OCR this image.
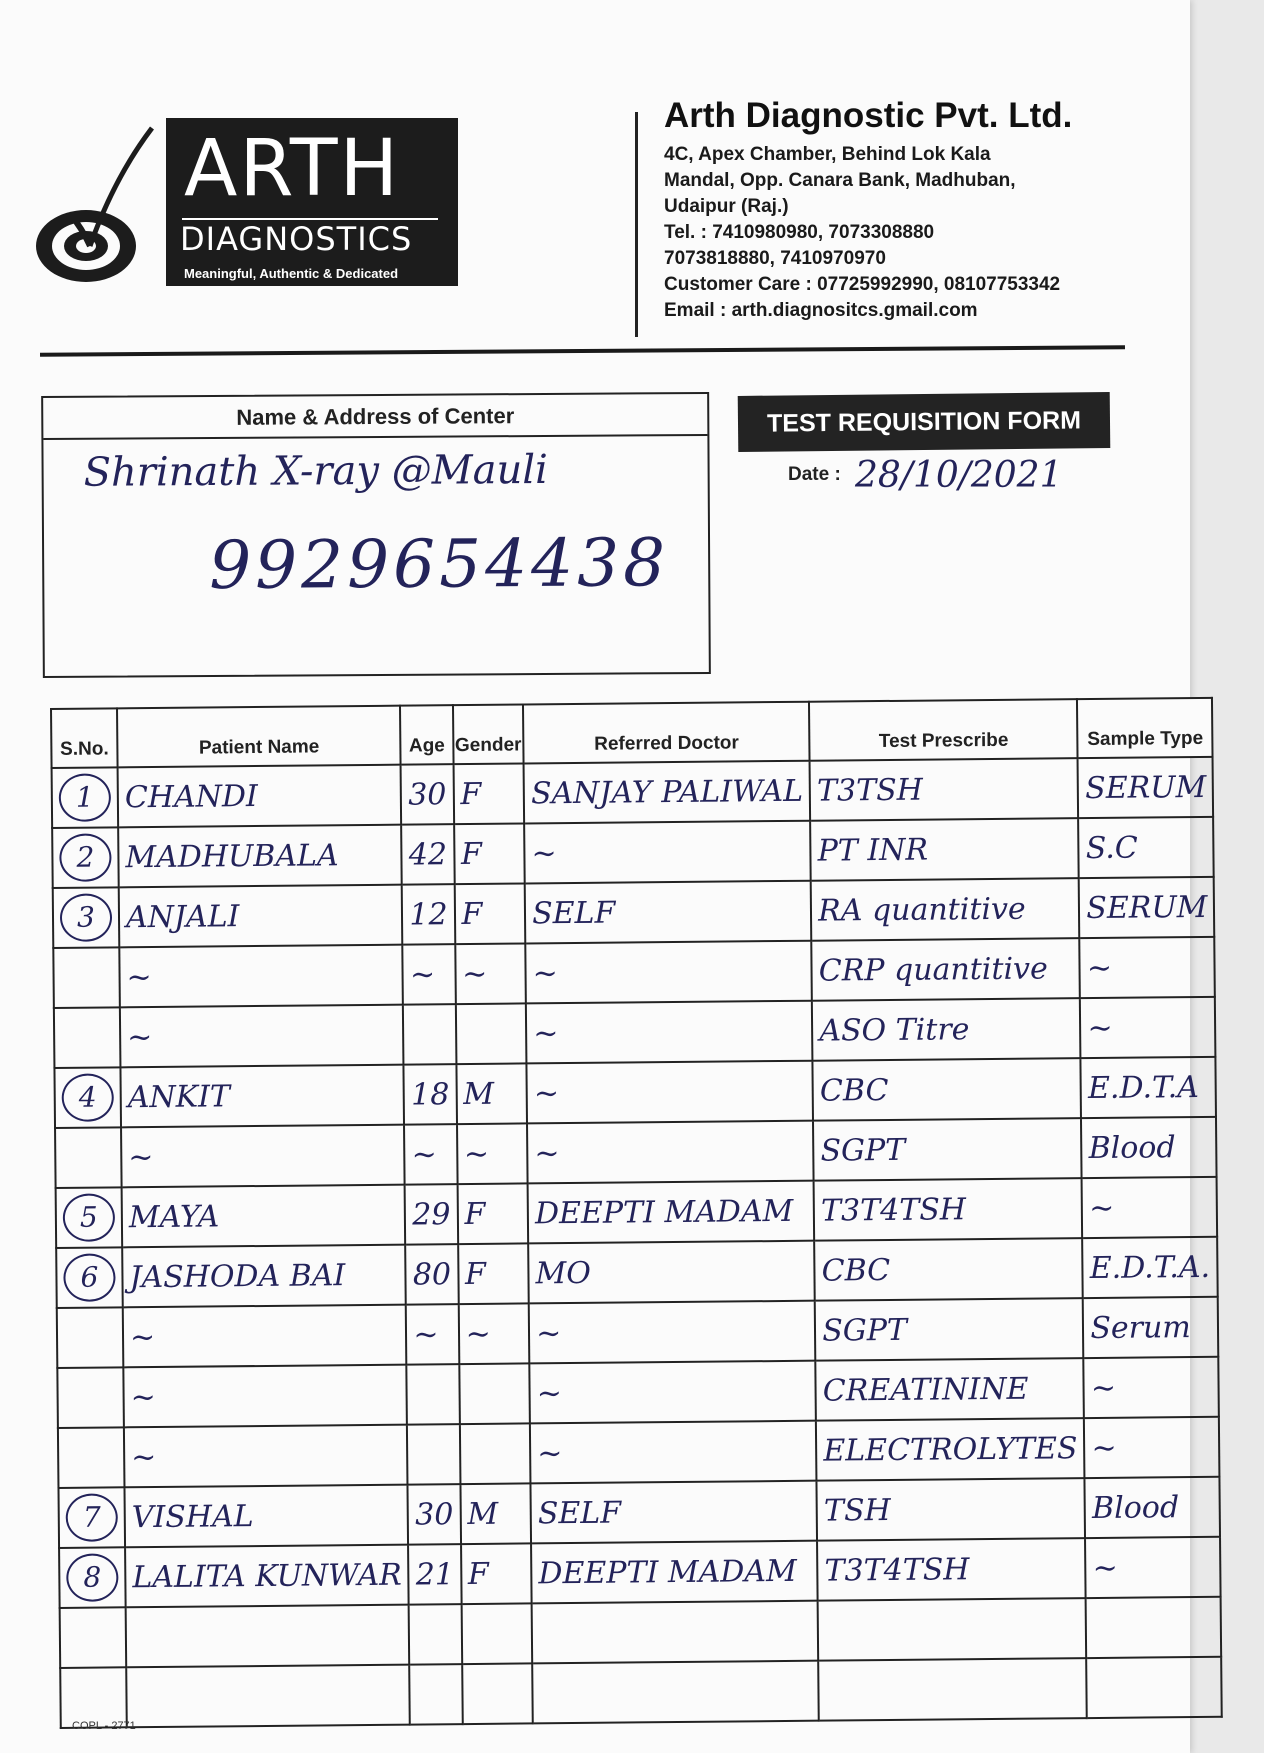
ARTH
DIAGNOSTICS
Meaningful, Authentic & Dedicated
Arth Diagnostic Pvt. Ltd.
4C, Apex Chamber, Behind Lok Kala
Mandal, Opp. Canara Bank, Madhuban,
Udaipur (Raj.)
Tel. : 7410980980, 7073308880
7073818880, 7410970970
Customer Care : 07725992990, 08107753342
Email : arth.diagnositcs.gmail.com
Name & Address of Center
Shrinath X-ray @Mauli
9929654438
TEST REQUISITION FORM
Date : 28/10/2021
S.No.	Patient Name	Age	Gender	Referred Doctor	Test Prescribe	Sample Type
1	CHANDI	30	F	SANJAY PALIWAL	T3TSH	SERUM
2	MADHUBALA	42	F	~	PT INR	S.C
3	ANJALI	12	F	SELF	RA quantitive	SERUM
	~	~	~	~	CRP quantitive	~
	~			~	ASO Titre	~
4	ANKIT	18	M	~	CBC	E.D.T.A
	~	~	~	~	SGPT	Blood
5	MAYA	29	F	DEEPTI MADAM	T3T4TSH	~
6	JASHODA BAI	80	F	MO	CBC	E.D.T.A.
	~	~	~	~	SGPT	Serum
	~			~	CREATININE	~
	~			~	ELECTROLYTES	~
7	VISHAL	30	M	SELF	TSH	Blood
8	LALITA KUNWAR	21	F	DEEPTI MADAM	T3T4TSH	~

COPL - 2771
